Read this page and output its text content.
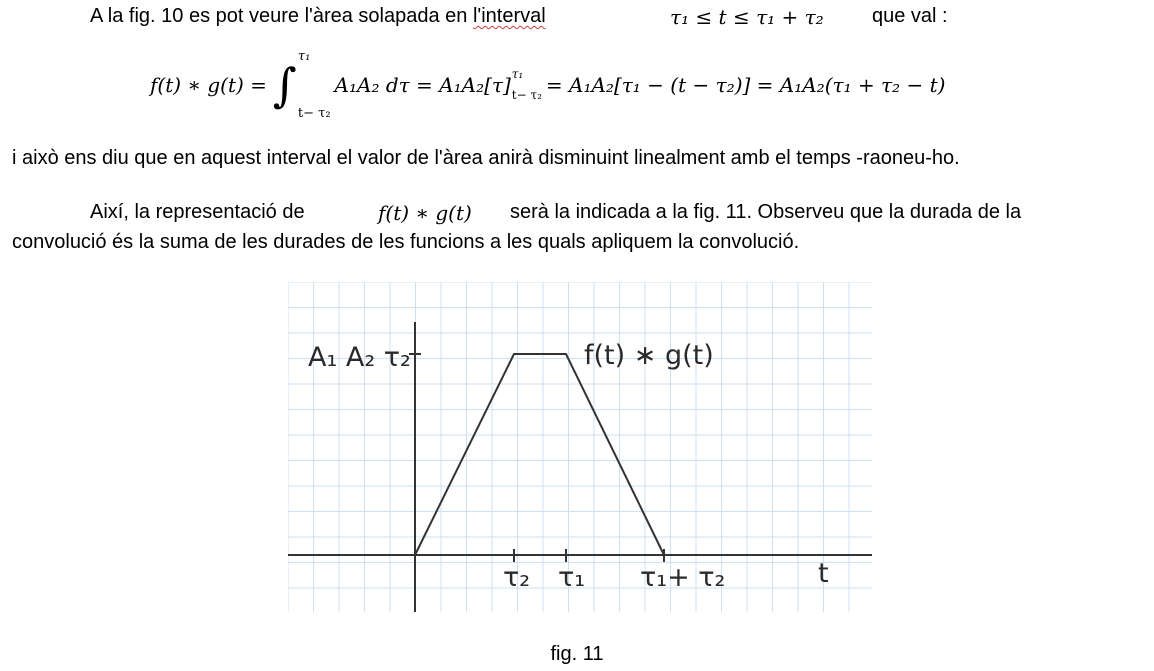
A la fig. 10 es pot veure l'àrea solapada en l'interval	τ₁ ≤ t ≤ τ₁ + τ₂ que val :
f(t) ∗ g(t) = ∫
τ₁
t− τ₂
A₁A₂ dτ = A₁A₂[τ] τ₁
t− τ₂ = A₁A₂[τ₁ − (t − τ₂)] = A₁A₂(τ₁ + τ₂ − t)
i això ens diu que en aquest interval el valor de l'àrea anirà disminuint linealment amb el temps -raoneu-ho.
Així, la representació de	f(t) ∗ g(t) serà la indicada a la fig. 11. Observeu que la durada de la
convolució és la suma de les durades de les funcions a les quals apliquem la convolució.
A₁ A₂ τ₂	f(t) ∗ g(t)
τ₂ τ₁ τ₁+ τ₂	t
fig. 11
